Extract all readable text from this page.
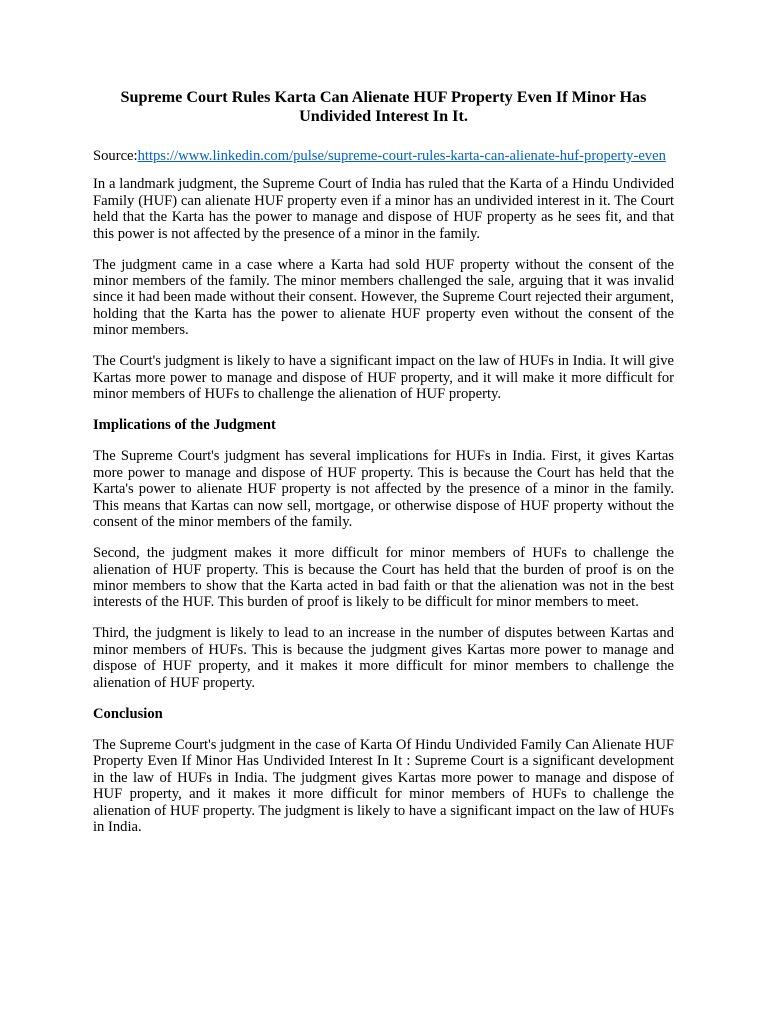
Supreme Court Rules Karta Can Alienate HUF Property Even If Minor Has Undivided Interest In It.
Source:https://www.linkedin.com/pulse/supreme-court-rules-karta-can-alienate-huf-property-even

In a landmark judgment, the Supreme Court of India has ruled that the Karta of a Hindu Undivided Family (HUF) can alienate HUF property even if a minor has an undivided interest in it. The Court held that the Karta has the power to manage and dispose of HUF property as he sees fit, and that this power is not affected by the presence of a minor in the family.

The judgment came in a case where a Karta had sold HUF property without the consent of the minor members of the family. The minor members challenged the sale, arguing that it was invalid since it had been made without their consent. However, the Supreme Court rejected their argument, holding that the Karta has the power to alienate HUF property even without the consent of the minor members.

The Court's judgment is likely to have a significant impact on the law of HUFs in India. It will give Kartas more power to manage and dispose of HUF property, and it will make it more difficult for minor members of HUFs to challenge the alienation of HUF property.

Implications of the Judgment

The Supreme Court's judgment has several implications for HUFs in India. First, it gives Kartas more power to manage and dispose of HUF property. This is because the Court has held that the Karta's power to alienate HUF property is not affected by the presence of a minor in the family. This means that Kartas can now sell, mortgage, or otherwise dispose of HUF property without the consent of the minor members of the family.

Second, the judgment makes it more difficult for minor members of HUFs to challenge the alienation of HUF property. This is because the Court has held that the burden of proof is on the minor members to show that the Karta acted in bad faith or that the alienation was not in the best interests of the HUF. This burden of proof is likely to be difficult for minor members to meet.

Third, the judgment is likely to lead to an increase in the number of disputes between Kartas and minor members of HUFs. This is because the judgment gives Kartas more power to manage and dispose of HUF property, and it makes it more difficult for minor members to challenge the alienation of HUF property.

Conclusion

The Supreme Court's judgment in the case of Karta Of Hindu Undivided Family Can Alienate HUF Property Even If Minor Has Undivided Interest In It : Supreme Court is a significant development in the law of HUFs in India. The judgment gives Kartas more power to manage and dispose of HUF property, and it makes it more difficult for minor members of HUFs to challenge the alienation of HUF property. The judgment is likely to have a significant impact on the law of HUFs in India.
